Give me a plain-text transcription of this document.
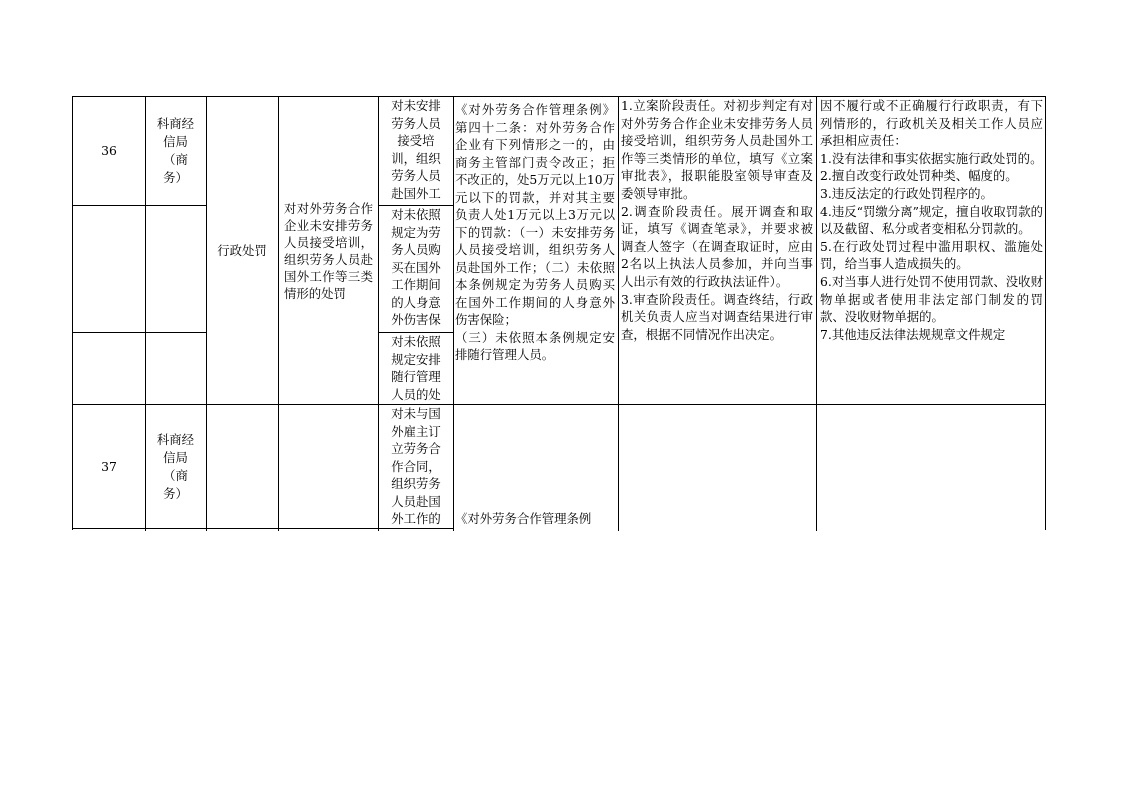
36
科商经
信局
（商
务）
行政处罚
对对外劳务合作企业未安排劳务人员接受培训，组织劳务人员赴国外工作等三类情形的处罚
对未安排
劳务人员
接受培
训，组织
劳务人员
赴国外工
对未依照
规定为劳
务人员购
买在国外
工作期间
的人身意
外伤害保
对未依照
规定安排
随行管理
人员的处
《对外劳务合作管理条例》第四十二条：对外劳务合作企业有下列情形之一的，由商务主管部门责令改正；拒不改正的，处5万元以上10万元以下的罚款，并对其主要负责人处1万元以上3万元以下的罚款：（一）未安排劳务人员接受培训，组织劳务人员赴国外工作；（二）未依照本条例规定为劳务人员购买在国外工作期间的人身意外伤害保险；
（三）未依照本条例规定安排随行管理人员。
1.立案阶段责任。对初步判定有对对外劳务合作企业未安排劳务人员接受培训，组织劳务人员赴国外工作等三类情形的单位，填写《立案审批表》，报职能股室领导审查及委领导审批。
2.调查阶段责任。展开调查和取证，填写《调查笔录》，并要求被调查人签字（在调查取证时，应由2名以上执法人员参加，并向当事人出示有效的行政执法证件）。
3.审查阶段责任。调查终结，行政机关负责人应当对调查结果进行审查，根据不同情况作出决定。
因不履行或不正确履行行政职责，有下列情形的，行政机关及相关工作人员应承担相应责任：
1.没有法律和事实依据实施行政处罚的。
2.擅自改变行政处罚种类、幅度的。
3.违反法定的行政处罚程序的。
4.违反“罚缴分离”规定，擅自收取罚款的以及截留、私分或者变相私分罚款的。
5.在行政处罚过程中滥用职权、滥施处罚，给当事人造成损失的。
6.对当事人进行处罚不使用罚款、没收财物单据或者使用非法定部门制发的罚款、没收财物单据的。
7.其他违反法律法规规章文件规定
37
科商经
信局
（商
务）
对未与国
外雇主订
立劳务合
作合同，
组织劳务
人员赴国
外工作的	《对外劳务合作管理条例
